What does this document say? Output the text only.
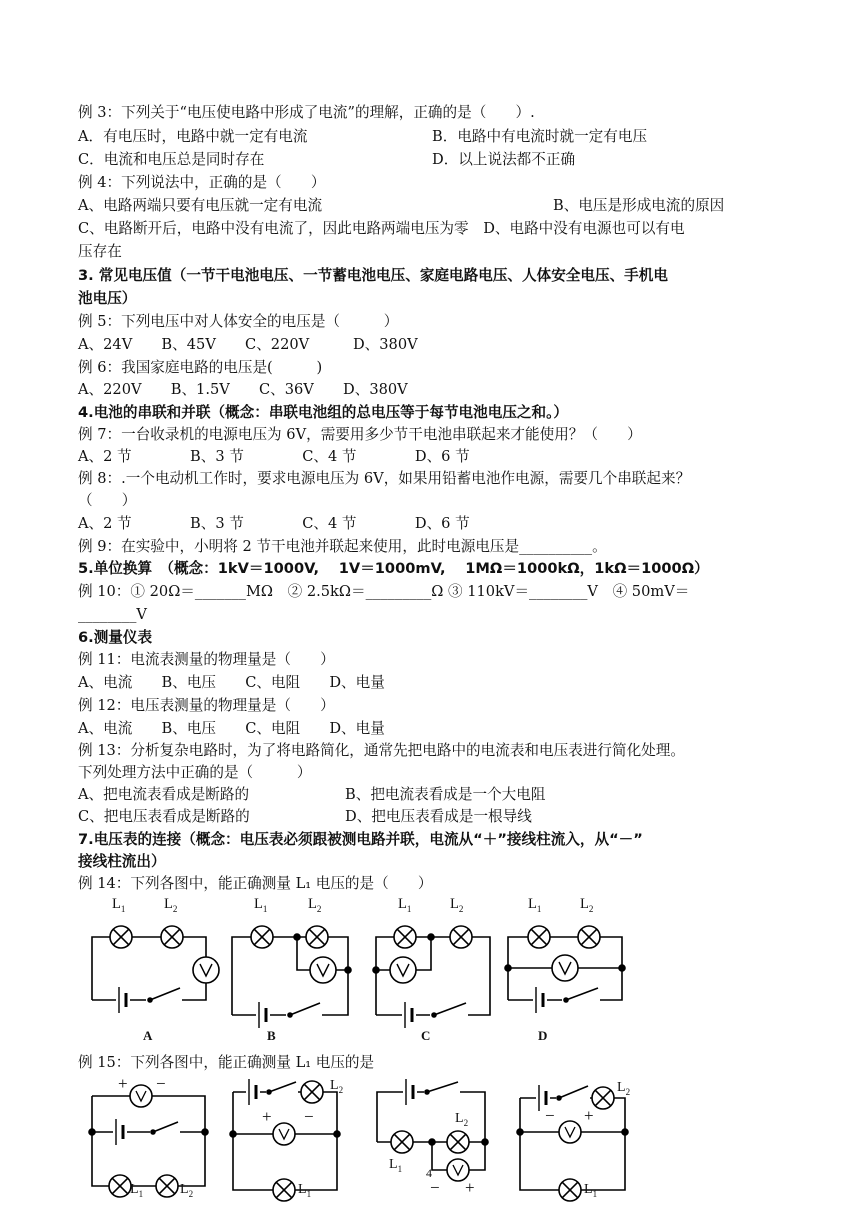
例 3：下列关于“电压使电路中形成了电流”的理解，正确的是（　　）.
A．有电压时，电路中就一定有电流	B．电路中有电流时就一定有电压
C．电流和电压总是同时存在	D．以上说法都不正确
例 4：下列说法中，正确的是（　　）
A、电路两端只要有电压就一定有电流	B、电压是形成电流的原因
C、电路断开后，电路中没有电流了，因此电路两端电压为零　D、电路中没有电源也可以有电
压存在
3. 常见电压值（一节干电池电压、一节蓄电池电压、家庭电路电压、人体安全电压、手机电
池电压）
例 5：下列电压中对人体安全的电压是（　　　）
A、24V　　B、45V　　C、220V　　　D、380V
例 6：我国家庭电路的电压是(　　　)
A、220V　　B、1.5V　　C、36V　　D、380V
4.电池的串联和并联（概念：串联电池组的总电压等于每节电池电压之和。）
例 7：一台收录机的电源电压为 6V，需要用多少节干电池串联起来才能使用？（　　）
A、2 节　　　　B、3 节　　　　C、4 节　　　　D、6 节
例 8：.一个电动机工作时，要求电源电压为 6V，如果用铅蓄电池作电源，需要几个串联起来？
（　　）
A、2 节　　　　B、3 节　　　　C、4 节　　　　D、6 节
例 9：在实验中，小明将 2 节干电池并联起来使用，此时电源电压是__________。
5.单位换算　（概念：1kV＝1000V,　 1V＝1000mV,　 1MΩ＝1000kΩ，1kΩ＝1000Ω）
例 10：① 20Ω＝_______MΩ　② 2.5kΩ＝_________Ω ③ 110kV＝________V　④ 50mV＝
________V
6.测量仪表
例 11：电流表测量的物理量是（　　）
A、电流　　B、电压　　C、电阻　　D、电量
例 12：电压表测量的物理量是（　　）
A、电流　　B、电压　　C、电阻　　D、电量
例 13：分析复杂电路时，为了将电路简化，通常先把电路中的电流表和电压表进行简化处理。
下列处理方法中正确的是（　　　）
A、把电流表看成是断路的	B、把电流表看成是一个大电阻
C、把电压表看成是断路的	D、把电压表看成是一根导线
7.电压表的连接（概念：电压表必须跟被测电路并联，电流从“＋”接线柱流入，从“－”
接线柱流出）
例 14：下列各图中，能正确测量 L₁ 电压的是（　　）
$L_1$	$L_2$	$L_1$	$L_2$	$L_1$	$L_2$	$L_1$	$L_2$
A	B	C	D
例 15：下列各图中，能正确测量 L₁ 电压的是
+ −
$L_1$	$L_2$
$L_2$
+ −
$L_1$
$L_2$
$L_1$ 4
− +
$L_2$
− +
$L_1$
